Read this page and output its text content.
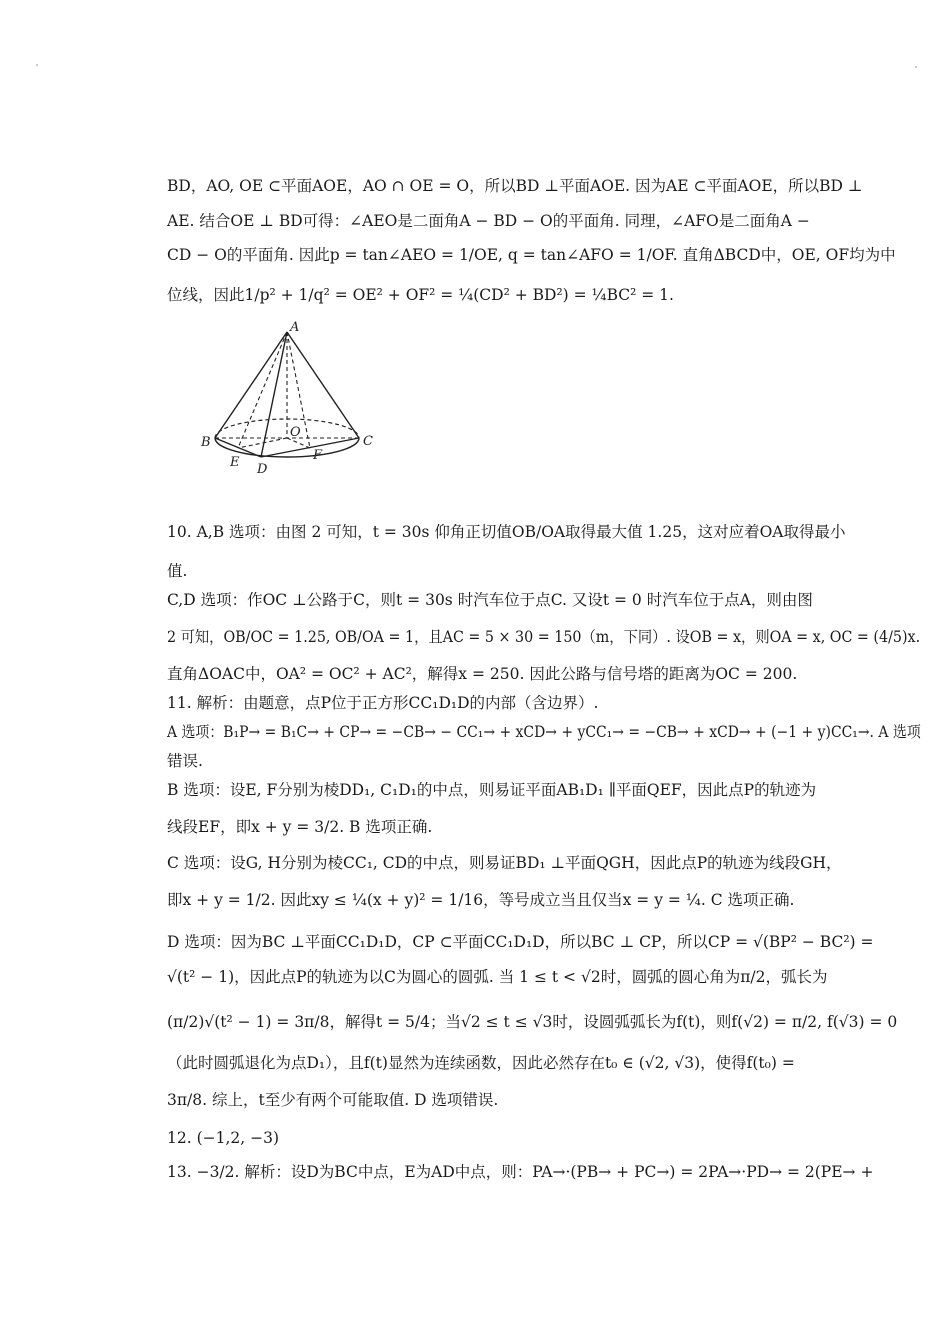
BD，AO, OE ⊂平面AOE，AO ∩ OE = O，所以BD ⊥平面AOE. 因为AE ⊂平面AOE，所以BD ⊥
AE. 结合OE ⊥ BD可得：∠AEO是二面角A − BD − O的平面角. 同理，∠AFO是二面角A −
CD − O的平面角. 因此p = tan∠AEO = 1/OE, q = tan∠AFO = 1/OF. 直角ΔBCD中，OE, OF均为中
位线，因此1/p² + 1/q² = OE² + OF² = ¼(CD² + BD²) = ¼BC² = 1.
A
B	C
O
E D
F
10. A,B 选项：由图 2 可知，t = 30s 仰角正切值OB/OA取得最大值 1.25，这对应着OA取得最小
值.
C,D 选项：作OC ⊥公路于C，则t = 30s 时汽车位于点C. 又设t = 0 时汽车位于点A，则由图
2 可知，OB/OC = 1.25, OB/OA = 1，且AC = 5 × 30 = 150（m，下同）. 设OB = x，则OA = x, OC = (4/5)x.
直角ΔOAC中，OA² = OC² + AC²，解得x = 250. 因此公路与信号塔的距离为OC = 200.
11. 解析：由题意，点P位于正方形CC₁D₁D的内部（含边界）.
A 选项：B₁P→ = B₁C→ + CP→ = −CB→ − CC₁→ + xCD→ + yCC₁→ = −CB→ + xCD→ + (−1 + y)CC₁→. A 选项
错误.
B 选项：设E, F分别为棱DD₁, C₁D₁的中点，则易证平面AB₁D₁ ∥平面QEF，因此点P的轨迹为
线段EF，即x + y = 3/2. B 选项正确.
C 选项：设G, H分别为棱CC₁, CD的中点，则易证BD₁ ⊥平面QGH，因此点P的轨迹为线段GH，
即x + y = 1/2. 因此xy ≤ ¼(x + y)² = 1/16，等号成立当且仅当x = y = ¼. C 选项正确.
D 选项：因为BC ⊥平面CC₁D₁D，CP ⊂平面CC₁D₁D，所以BC ⊥ CP，所以CP = √(BP² − BC²) =
√(t² − 1)，因此点P的轨迹为以C为圆心的圆弧. 当 1 ≤ t < √2时，圆弧的圆心角为π/2，弧长为
(π/2)√(t² − 1) = 3π/8，解得t = 5/4；当√2 ≤ t ≤ √3时，设圆弧弧长为f(t)，则f(√2) = π/2, f(√3) = 0
（此时圆弧退化为点D₁），且f(t)显然为连续函数，因此必然存在t₀ ∈ (√2, √3)，使得f(t₀) =
3π/8. 综上，t至少有两个可能取值. D 选项错误.
12. (−1,2, −3)
13. −3/2. 解析：设D为BC中点，E为AD中点，则：PA→·(PB→ + PC→) = 2PA→·PD→ = 2(PE→ +
